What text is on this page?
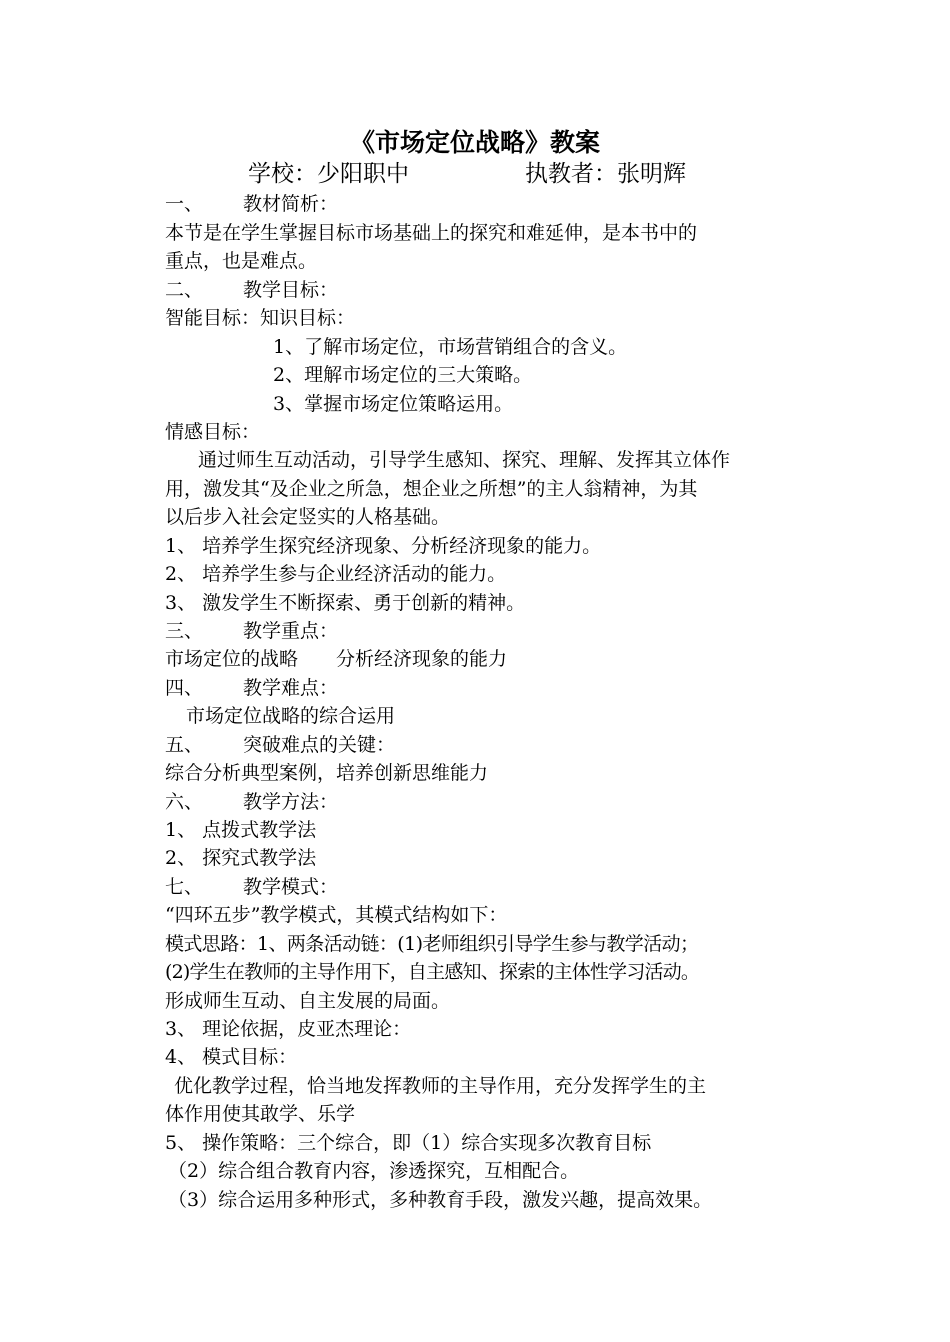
《市场定位战略》教案
学校：少阳职中	执教者：张明辉
一、 教材简析：
本节是在学生掌握目标市场基础上的探究和难延伸，是本书中的
重点，也是难点。
二、 教学目标：
智能目标：知识目标：
1、了解市场定位，市场营销组合的含义。
2、理解市场定位的三大策略。
3、掌握市场定位策略运用。
情感目标：
通过师生互动活动，引导学生感知、探究、理解、发挥其立体作
用，激发其“及企业之所急，想企业之所想”的主人翁精神，为其
以后步入社会定竖实的人格基础。
1、 培养学生探究经济现象、分析经济现象的能力。
2、 培养学生参与企业经济活动的能力。
3、 激发学生不断探索、勇于创新的精神。
三、 教学重点：
市场定位的战略　　分析经济现象的能力
四、 教学难点：
市场定位战略的综合运用
五、 突破难点的关键：
综合分析典型案例，培养创新思维能力
六、 教学方法：
1、 点拨式教学法
2、 探究式教学法
七、 教学模式：
“四环五步”教学模式，其模式结构如下：
模式思路：1、两条活动链：(1)老师组织引导学生参与教学活动；
(2)学生在教师的主导作用下，自主感知、探索的主体性学习活动。
形成师生互动、自主发展的局面。
3、 理论依据，皮亚杰理论：
4、 模式目标：
优化教学过程，恰当地发挥教师的主导作用，充分发挥学生的主
体作用使其敢学、乐学
5、 操作策略：三个综合，即（1）综合实现多次教育目标
（2）综合组合教育内容，渗透探究，互相配合。
（3）综合运用多种形式，多种教育手段，激发兴趣，提高效果。
